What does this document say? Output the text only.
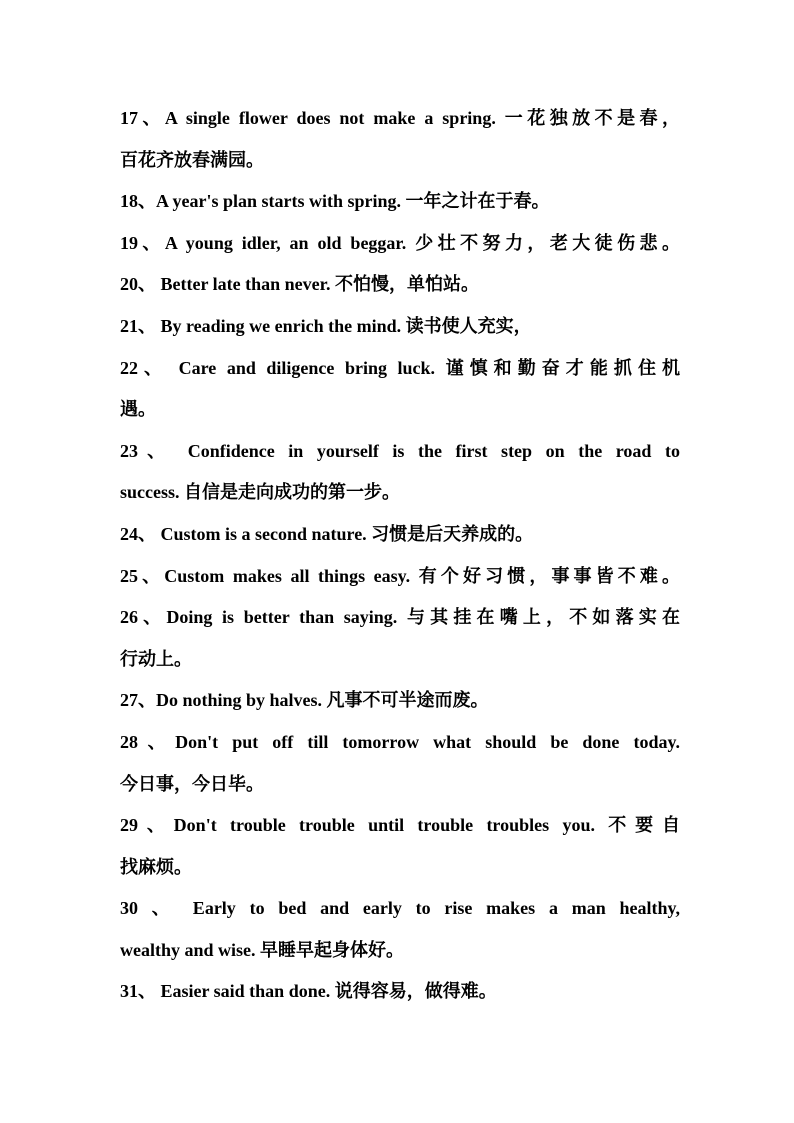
17、A single flower does not make a spring. 一花独放不是春，
百花齐放春满园。
18、A year's plan starts with spring. 一年之计在于春。
19、A young idler, an old beggar. 少壮不努力，老大徒伤悲。
20、 Better late than never. 不怕慢，单怕站。
21、 By reading we enrich the mind. 读书使人充实，
22、 Care and diligence bring luck. 谨慎和勤奋才能抓住机
遇。
23、 Confidence in yourself is the first step on the road to
success. 自信是走向成功的第一步。
24、 Custom is a second nature. 习惯是后天养成的。
25、Custom makes all things easy. 有个好习惯，事事皆不难。
26、Doing is better than saying. 与其挂在嘴上，不如落实在
行动上。
27、Do nothing by halves. 凡事不可半途而废。
28、Don't put off till tomorrow what should be done today.
今日事，今日毕。
29、Don't trouble trouble until trouble troubles you. 不要自
找麻烦。
30 、 Early to bed and early to rise makes a man healthy,
wealthy and wise. 早睡早起身体好。
31、 Easier said than done. 说得容易，做得难。
